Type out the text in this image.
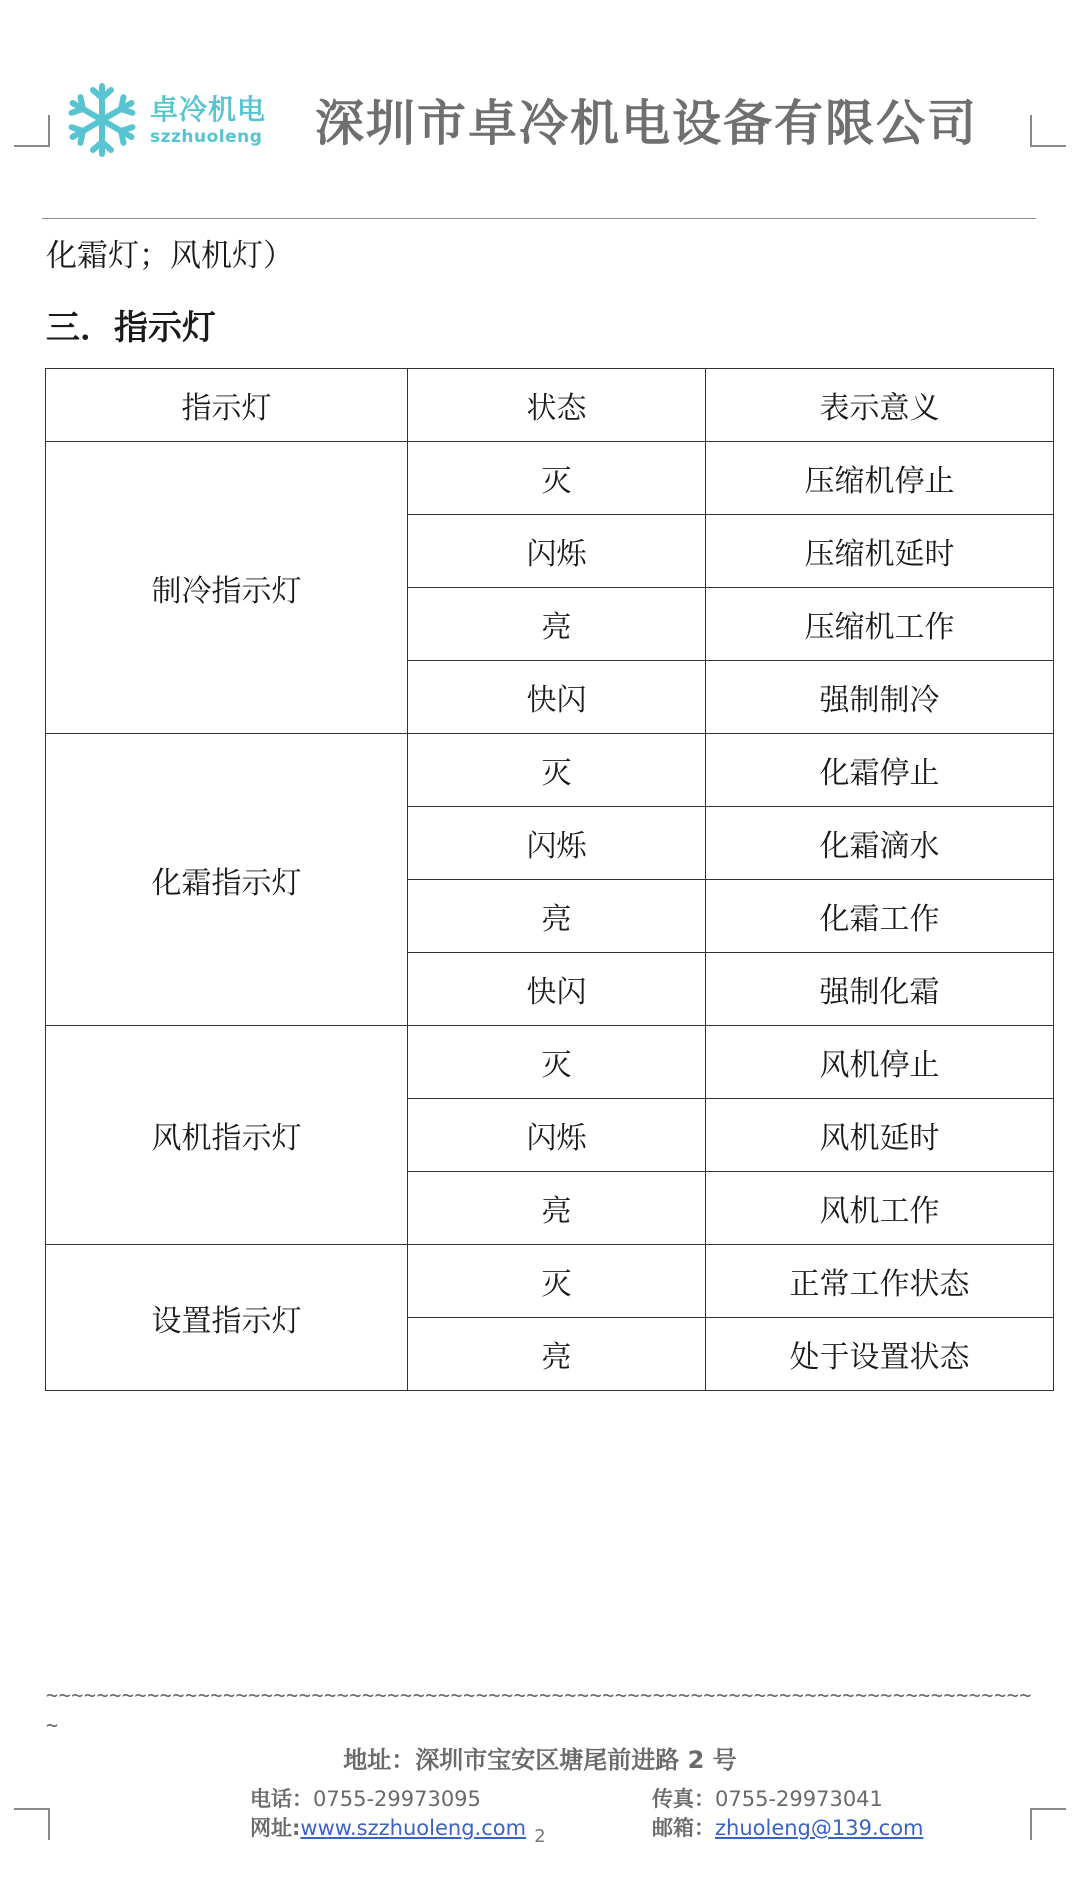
卓冷机电
szzhuoleng	深圳市卓冷机电设备有限公司
化霜灯；风机灯）
三．指示灯
指示灯	状态	表示意义
制冷指示灯	灭	压缩机停止
	闪烁	压缩机延时
	亮	压缩机工作
	快闪	强制制冷
化霜指示灯	灭	化霜停止
	闪烁	化霜滴水
	亮	化霜工作
	快闪	强制化霜
风机指示灯	灭	风机停止
	闪烁	风机延时
	亮	风机工作
设置指示灯	灭	正常工作状态
	亮	处于设置状态
~~~~~~~~~~~~~~~~~~~~~~~~~~~~~~~~~~~~~~~~~~~~~~~~~~~~~~~~~~~~~~~~~~~~~~~~~~~~~~~
地址：深圳市宝安区塘尾前进路 2 号
电话：0755-29973095	传真：0755-29973041
网址:www.szzhuoleng.com	邮箱：zhuoleng@139.com
2
